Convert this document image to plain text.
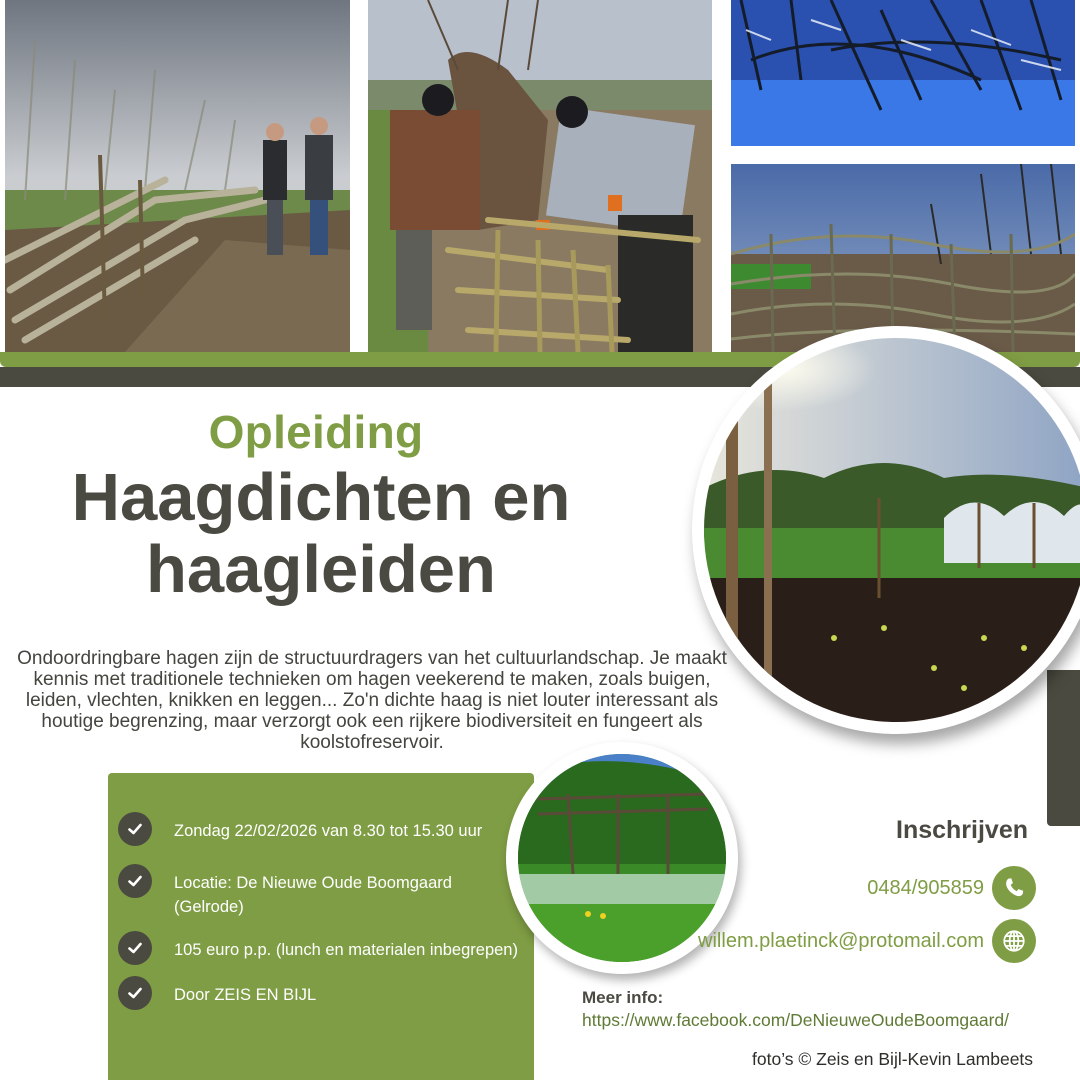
Opleiding
Haagdichten en
haagleiden

Ondoordringbare hagen zijn de structuurdragers van het cultuurlandschap. Je maakt kennis met traditionele technieken om hagen veekerend te maken, zoals buigen, leiden, vlechten, knikken en leggen... Zo'n dichte haag is niet louter interessant als houtige begrenzing, maar verzorgt ook een rijkere biodiversiteit en fungeert als koolstofreservoir.

Zondag 22/02/2026 van 8.30 tot 15.30 uur
Locatie: De Nieuwe Oude Boomgaard (Gelrode)
105 euro p.p. (lunch en materialen inbegrepen)
Door ZEIS EN BIJL
Inschrijven
0484/905859
willem.plaetinck@protomail.com
Meer info:
https://www.facebook.com/DeNieuweOudeBoomgaard/
foto’s © Zeis en Bijl-Kevin Lambeets
